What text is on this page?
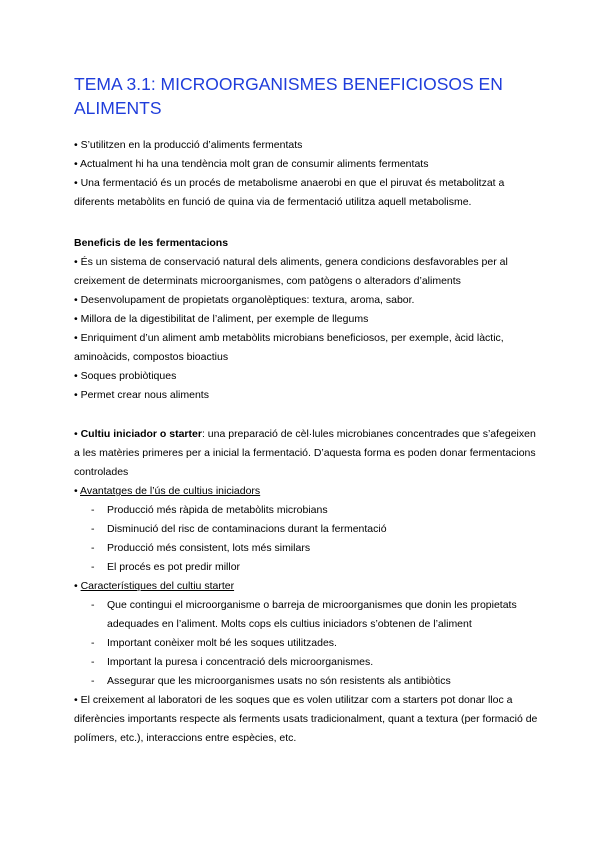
TEMA 3.1: MICROORGANISMES BENEFICIOSOS EN ALIMENTS

• S’utilitzen en la producció d’aliments fermentats

• Actualment hi ha una tendència molt gran de consumir aliments fermentats

• Una fermentació és un procés de metabolisme anaerobi en que el piruvat és metabolitzat a diferents metabòlits en funció de quina via de fermentació utilitza aquell metabolisme.

Beneficis de les fermentacions

• És un sistema de conservació natural dels aliments, genera condicions desfavorables per al creixement de determinats microorganismes, com patògens o alteradors d’aliments

• Desenvolupament de propietats organolèptiques: textura, aroma, sabor.

• Millora de la digestibilitat de l’aliment, per exemple de llegums

• Enriquiment d’un aliment amb metabòlits microbians beneficiosos, per exemple, àcid làctic, aminoàcids, compostos bioactius

• Soques probiòtiques

• Permet crear nous aliments

• Cultiu iniciador o starter: una preparació de cèl·lules microbianes concentrades que s’afegeixen a les matèries primeres per a inicial la fermentació. D’aquesta forma es poden donar fermentacions controlades

• Avantatges de l’ús de cultius iniciadors

- Producció més ràpida de metabòlits microbians
- Disminució del risc de contaminacions durant la fermentació
- Producció més consistent, lots més similars
- El procés es pot predir millor

• Característiques del cultiu starter

- Que contingui el microorganisme o barreja de microorganismes que donin les propietats adequades en l’aliment. Molts cops els cultius iniciadors s’obtenen de l’aliment
- Important conèixer molt bé les soques utilitzades.
- Important la puresa i concentració dels microorganismes.
- Assegurar que les microorganismes usats no són resistents als antibiòtics

• El creixement al laboratori de les soques que es volen utilitzar com a starters pot donar lloc a diferències importants respecte als ferments usats tradicionalment, quant a textura (per formació de polímers, etc.), interaccions entre espècies, etc.
